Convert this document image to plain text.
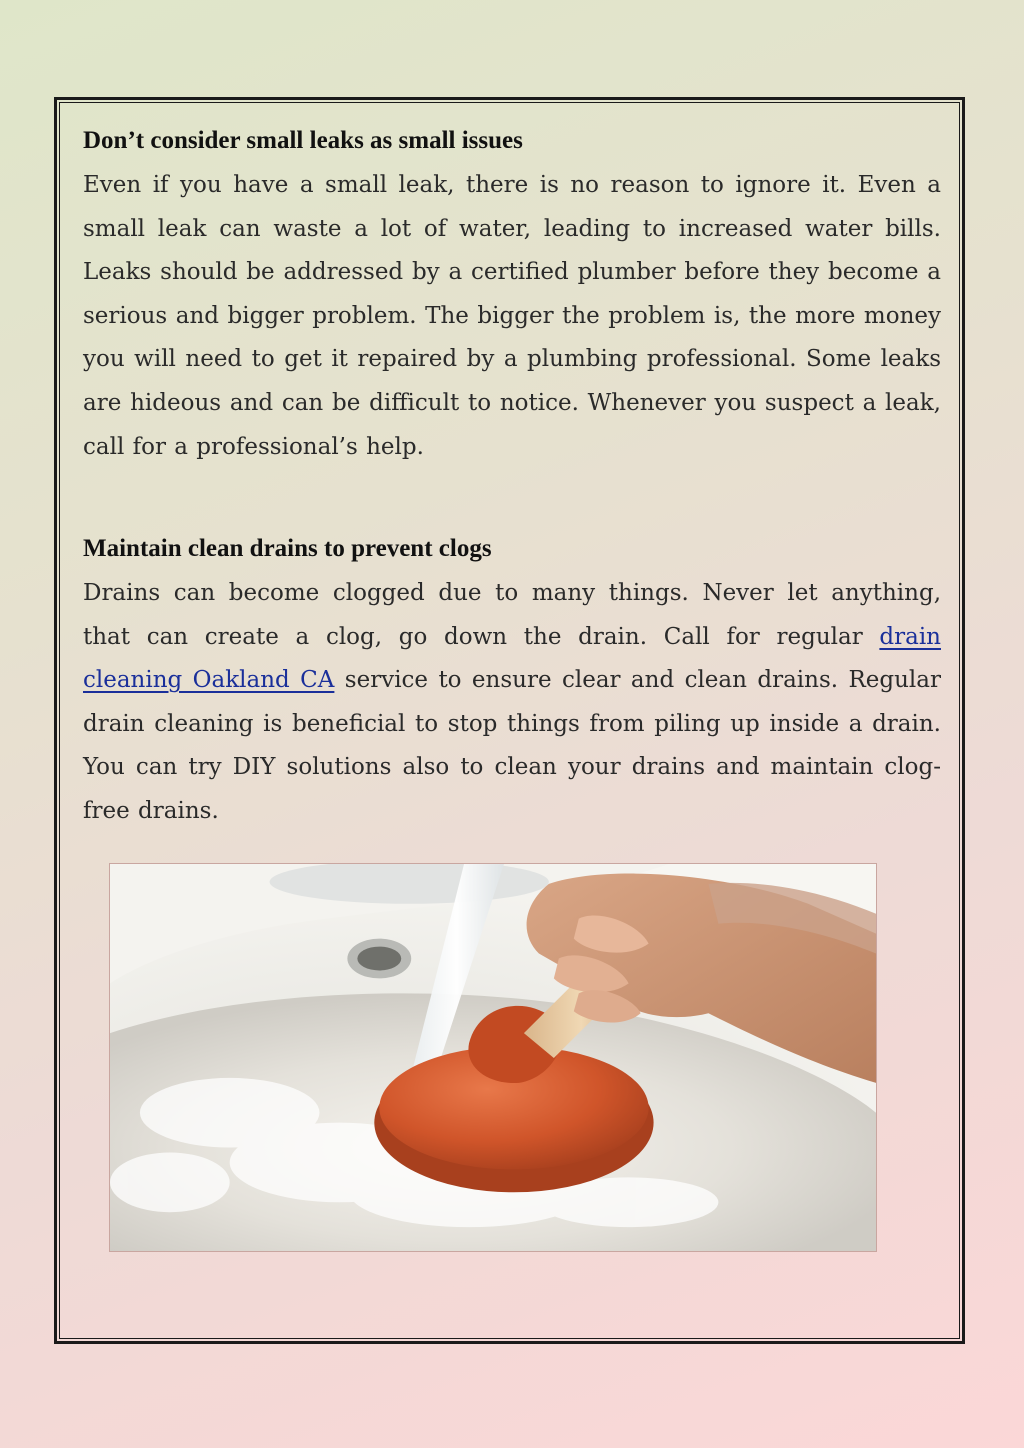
Don’t consider small leaks as small issues

Even if you have a small leak, there is no reason to ignore it. Even a small leak can waste a lot of water, leading to increased water bills. Leaks should be addressed by a certified plumber before they become a serious and bigger problem. The bigger the problem is, the more money you will need to get it repaired by a plumbing professional. Some leaks are hideous and can be difficult to notice. Whenever you suspect a leak, call for a professional’s help.

Maintain clean drains to prevent clogs

Drains can become clogged due to many things. Never let anything, that can create a clog, go down the drain. Call for regular drain cleaning Oakland CA service to ensure clear and clean drains. Regular drain cleaning is beneficial to stop things from piling up inside a drain. You can try DIY solutions also to clean your drains and maintain clog-free drains.
